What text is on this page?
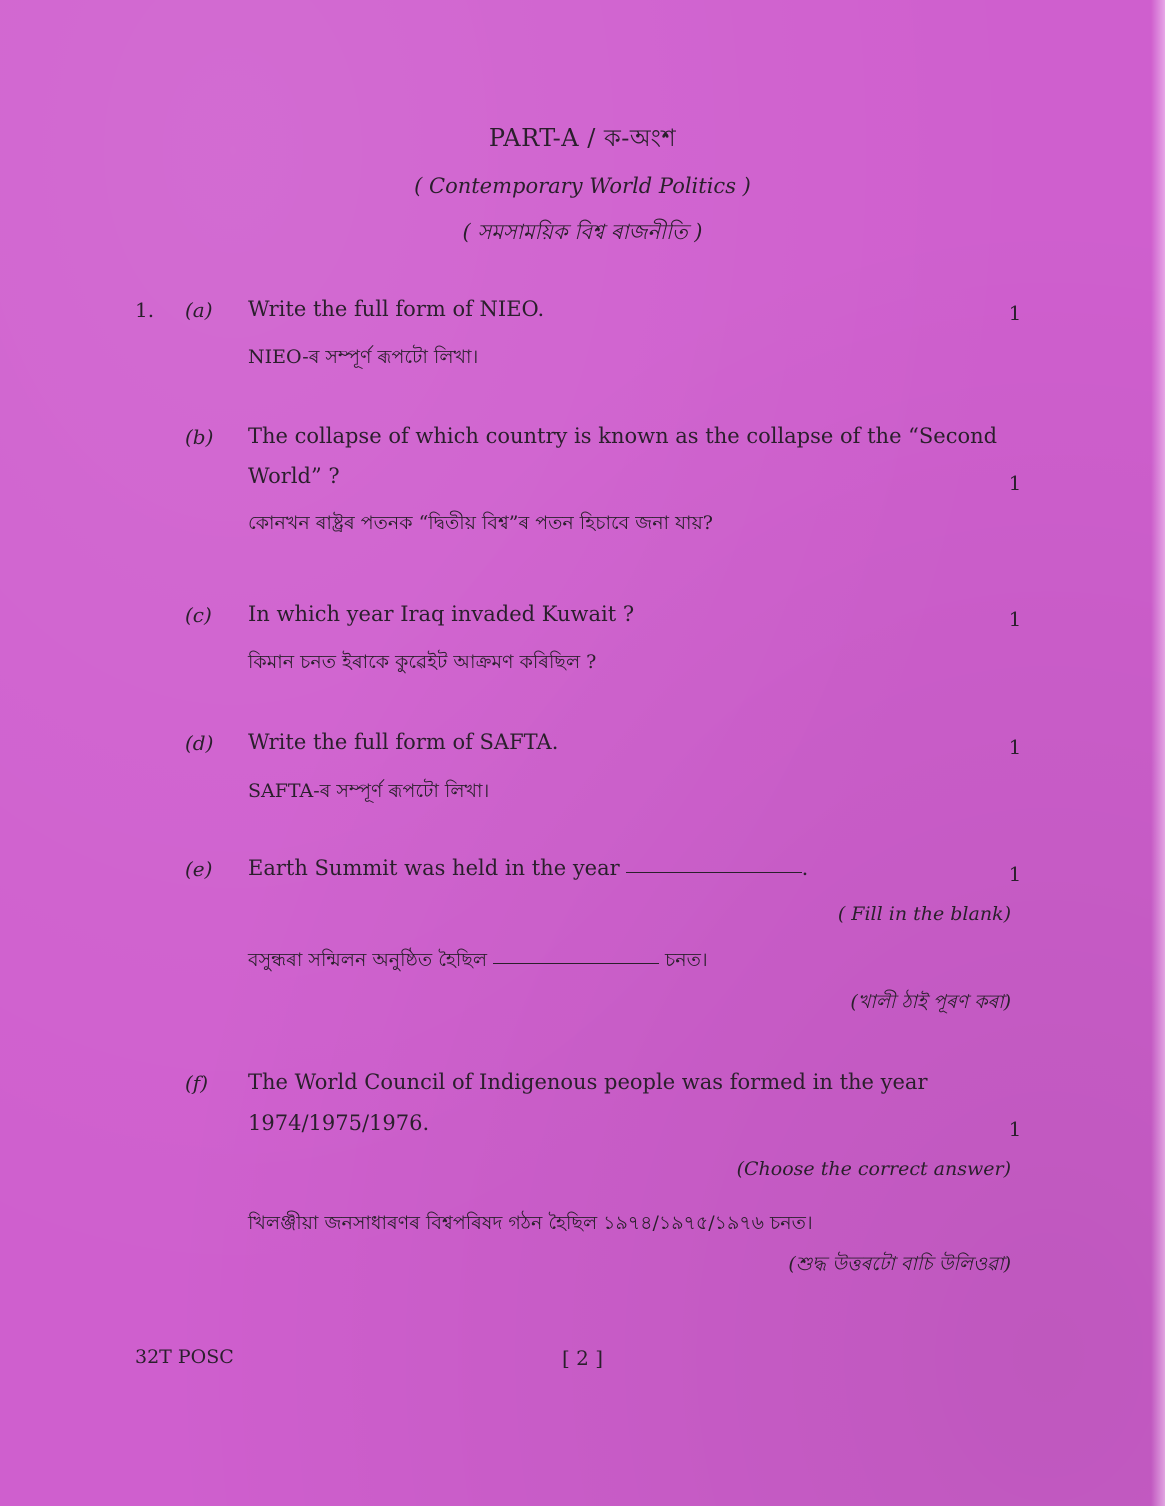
PART-A / ক-অংশ
( Contemporary World Politics )
( সমসাময়িক বিশ্ব ৰাজনীতি )
1. (a) Write the full form of NIEO.	1
NIEO-ৰ সম্পূর্ণ ৰূপটো লিখা।
(b) The collapse of which country is known as the collapse of the “Second
World” ?	1
কোনখন ৰাষ্ট্ৰৰ পতনক “দ্বিতীয় বিশ্ব”ৰ পতন হিচাবে জনা যায়?
(c) In which year Iraq invaded Kuwait ?	1
কিমান চনত ইৰাকে কুৱেইট আক্ৰমণ কৰিছিল ?
(d) Write the full form of SAFTA.	1
SAFTA-ৰ সম্পূর্ণ ৰূপটো লিখা।
(e) Earth Summit was held in the year	.	1
( Fill in the blank)
বসুন্ধৰা সন্মিলন অনুষ্ঠিত হৈছিল	চনত।
(খালী ঠাই পূৰণ কৰা)
(f) The World Council of Indigenous people was formed in the year
1974/1975/1976.	1
(Choose the correct answer)
খিলঞ্জীয়া জনসাধাৰণৰ বিশ্বপৰিষদ গঠন হৈছিল ১৯৭৪/১৯৭৫/১৯৭৬ চনত।
(শুদ্ধ উত্তৰটো বাচি উলিওৱা)
32T POSC	[ 2 ]
